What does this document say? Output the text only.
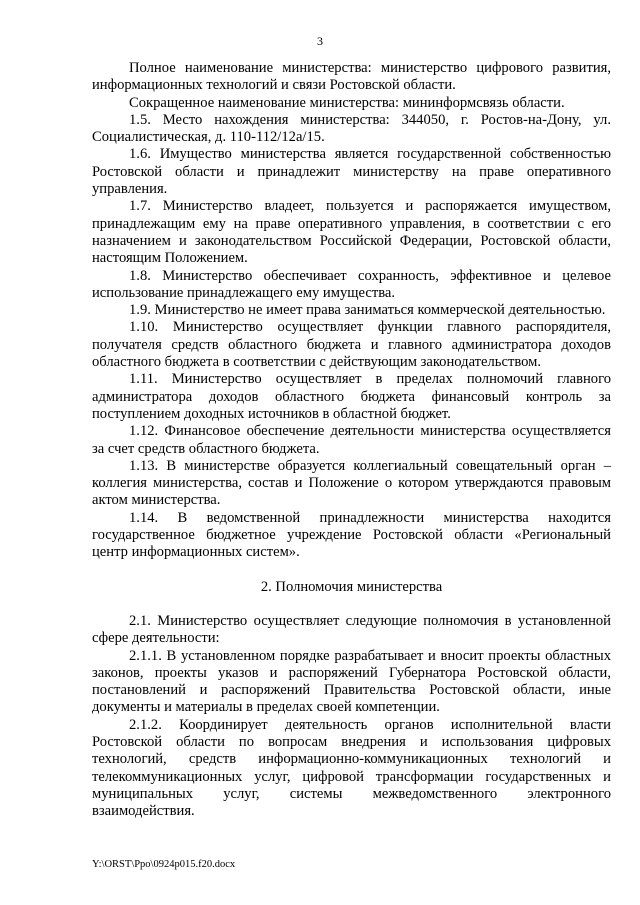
3

Полное наименование министерства: министерство цифрового развития, информационных технологий и связи Ростовской области.

Сокращенное наименование министерства: мининформсвязь области.

1.5. Место нахождения министерства: 344050, г. Ростов-на-Дону, ул. Социалистическая, д. 110-112/12а/15.

1.6. Имущество министерства является государственной собственностью Ростовской области и принадлежит министерству на праве оперативного управления.

1.7. Министерство владеет, пользуется и распоряжается имуществом, принадлежащим ему на праве оперативного управления, в соответствии с его назначением и законодательством Российской Федерации, Ростовской области, настоящим Положением.

1.8. Министерство обеспечивает сохранность, эффективное и целевое использование принадлежащего ему имущества.

1.9. Министерство не имеет права заниматься коммерческой деятельностью.

1.10. Министерство осуществляет функции главного распорядителя, получателя средств областного бюджета и главного администратора доходов областного бюджета в соответствии с действующим законодательством.

1.11. Министерство осуществляет в пределах полномочий главного администратора доходов областного бюджета финансовый контроль за поступлением доходных источников в областной бюджет.

1.12. Финансовое обеспечение деятельности министерства осуществляется за счет средств областного бюджета.

1.13. В министерстве образуется коллегиальный совещательный орган – коллегия министерства, состав и Положение о котором утверждаются правовым актом министерства.

1.14. В ведомственной принадлежности министерства находится государственное бюджетное учреждение Ростовской области «Региональный центр информационных систем».

2. Полномочия министерства

2.1. Министерство осуществляет следующие полномочия в установленной сфере деятельности:

2.1.1. В установленном порядке разрабатывает и вносит проекты областных законов, проекты указов и распоряжений Губернатора Ростовской области, постановлений и распоряжений Правительства Ростовской области, иные документы и материалы в пределах своей компетенции.

2.1.2. Координирует деятельность органов исполнительной власти Ростовской области по вопросам внедрения и использования цифровых технологий, средств информационно-коммуникационных технологий и телекоммуникационных услуг, цифровой трансформации государственных и муниципальных услуг, системы межведомственного электронного взаимодействия.

Y:\ORST\Ppo\0924p015.f20.docx
